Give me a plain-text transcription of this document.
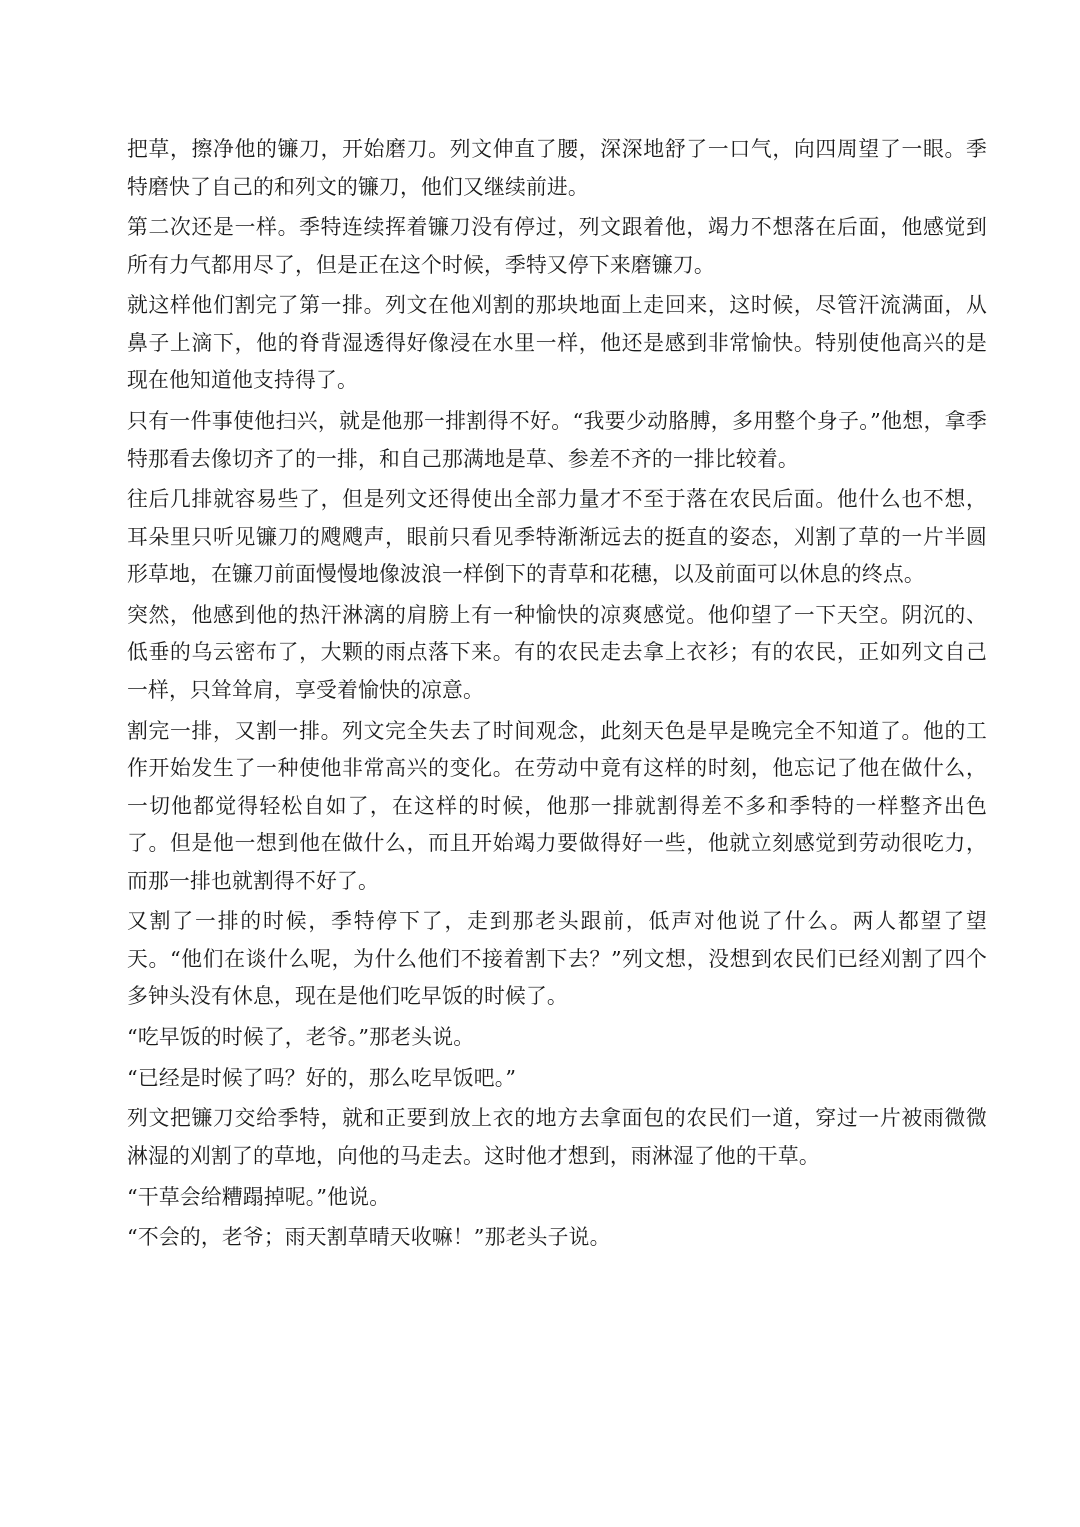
把草，擦净他的镰刀，开始磨刀。列文伸直了腰，深深地舒了一口气，向四周望了一眼。季特磨快了自己的和列文的镰刀，他们又继续前进。

第二次还是一样。季特连续挥着镰刀没有停过，列文跟着他，竭力不想落在后面，他感觉到所有力气都用尽了，但是正在这个时候，季特又停下来磨镰刀。

就这样他们割完了第一排。列文在他刈割的那块地面上走回来，这时候，尽管汗流满面，从鼻子上滴下，他的脊背湿透得好像浸在水里一样，他还是感到非常愉快。特别使他高兴的是现在他知道他支持得了。

只有一件事使他扫兴，就是他那一排割得不好。“我要少动胳膊，多用整个身子。”他想，拿季特那看去像切齐了的一排，和自己那满地是草、参差不齐的一排比较着。

往后几排就容易些了，但是列文还得使出全部力量才不至于落在农民后面。他什么也不想，耳朵里只听见镰刀的飕飕声，眼前只看见季特渐渐远去的挺直的姿态，刈割了草的一片半圆形草地，在镰刀前面慢慢地像波浪一样倒下的青草和花穗，以及前面可以休息的终点。

突然，他感到他的热汗淋漓的肩膀上有一种愉快的凉爽感觉。他仰望了一下天空。阴沉的、低垂的乌云密布了，大颗的雨点落下来。有的农民走去拿上衣衫；有的农民，正如列文自己一样，只耸耸肩，享受着愉快的凉意。

割完一排，又割一排。列文完全失去了时间观念，此刻天色是早是晚完全不知道了。他的工作开始发生了一种使他非常高兴的变化。在劳动中竟有这样的时刻，他忘记了他在做什么，一切他都觉得轻松自如了，在这样的时候，他那一排就割得差不多和季特的一样整齐出色了。但是他一想到他在做什么，而且开始竭力要做得好一些，他就立刻感觉到劳动很吃力，而那一排也就割得不好了。

又割了一排的时候，季特停下了，走到那老头跟前，低声对他说了什么。两人都望了望天。“他们在谈什么呢，为什么他们不接着割下去？”列文想，没想到农民们已经刈割了四个多钟头没有休息，现在是他们吃早饭的时候了。

“吃早饭的时候了，老爷。”那老头说。

“已经是时候了吗？好的，那么吃早饭吧。”

列文把镰刀交给季特，就和正要到放上衣的地方去拿面包的农民们一道，穿过一片被雨微微淋湿的刈割了的草地，向他的马走去。这时他才想到，雨淋湿了他的干草。

“干草会给糟蹋掉呢。”他说。

“不会的，老爷；雨天割草晴天收嘛！”那老头子说。
